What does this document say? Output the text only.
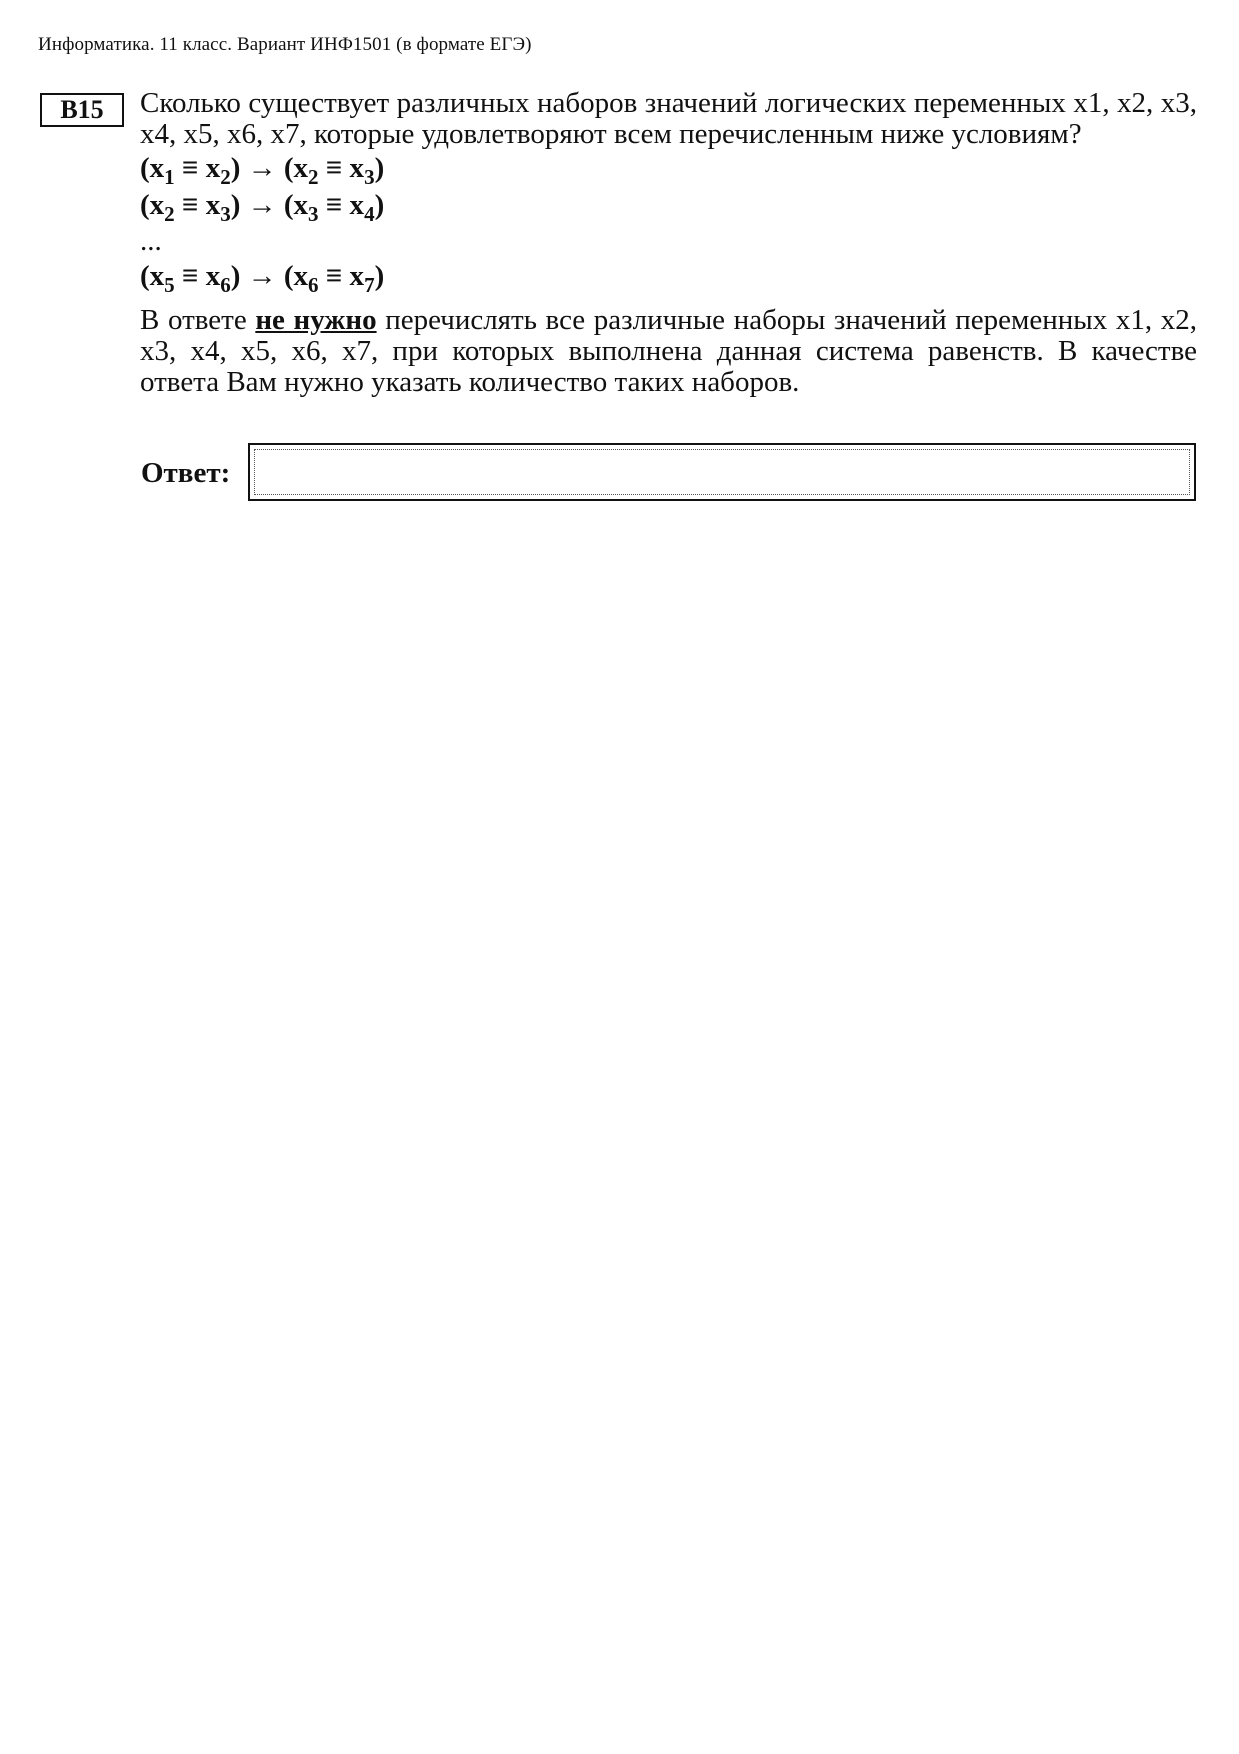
Информатика. 11 класс. Вариант ИНФ1501 (в формате ЕГЭ)
B15	Сколько существует различных наборов значений логических переменных x1, x2, x3, x4, x5, x6, x7, которые удовлетворяют всем перечисленным ниже условиям?

$(x_1 \equiv x_2) \to (x_2 \equiv x_3)$
$(x_2 \equiv x_3) \to (x_3 \equiv x_4)$
...
$(x_5 \equiv x_6) \to (x_6 \equiv x_7)$

В ответе не нужно перечислять все различные наборы значений переменных x1, x2, x3, x4, x5, x6, x7, при которых выполнена данная система равенств. В качестве ответа Вам нужно указать количество таких наборов.

Ответ:
